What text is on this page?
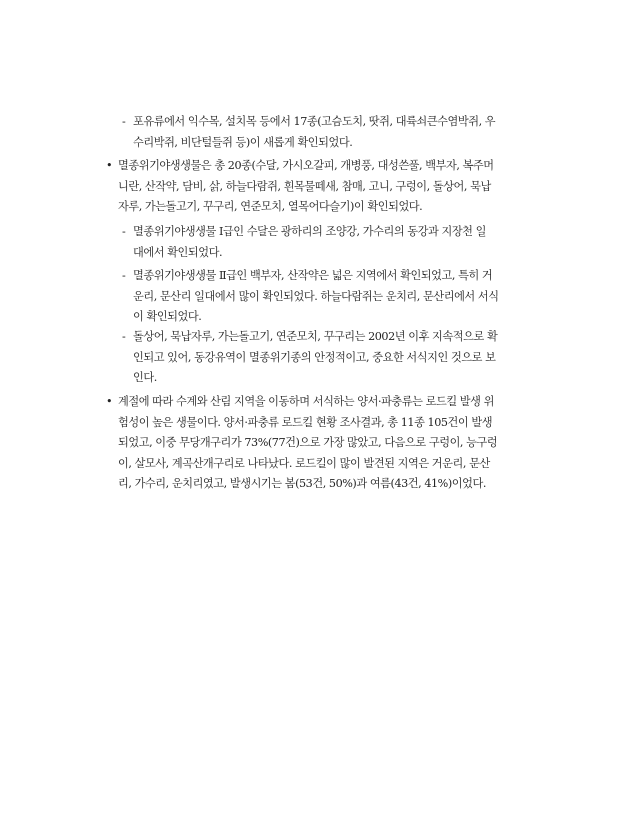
- 포유류에서 익수목, 설치목 등에서 17종(고슴도치, 땃쥐, 대륙쇠큰수염박쥐, 우
수리박쥐, 비단털들쥐 등)이 새롭게 확인되었다.
• 멸종위기야생생물은 총 20종(수달, 가시오갈피, 개병풍, 대성쓴풀, 백부자, 복주머
니란, 산작약, 담비, 삵, 하늘다람쥐, 흰목물떼새, 참매, 고니, 구렁이, 돌상어, 묵납
자루, 가는돌고기, 꾸구리, 연준모치, 열목어다슬기)이 확인되었다.
- 멸종위기야생생물 Ⅰ급인 수달은 광하리의 조양강, 가수리의 동강과 지장천 일
대에서 확인되었다.
- 멸종위기야생생물 Ⅱ급인 백부자, 산작약은 넓은 지역에서 확인되었고, 특히 거
운리, 문산리 일대에서 많이 확인되었다. 하늘다람쥐는 운치리, 문산리에서 서식
이 확인되었다.
- 돌상어, 묵납자루, 가는돌고기, 연준모치, 꾸구리는 2002년 이후 지속적으로 확
인되고 있어, 동강유역이 멸종위기종의 안정적이고, 중요한 서식지인 것으로 보
인다.
• 계절에 따라 수계와 산림 지역을 이동하며 서식하는 양서·파충류는 로드킬 발생 위
험성이 높은 생물이다. 양서·파충류 로드킬 현황 조사결과, 총 11종 105건이 발생
되었고, 이중 무당개구리가 73%(77건)으로 가장 많았고, 다음으로 구렁이, 능구렁
이, 살모사, 계곡산개구리로 나타났다. 로드킬이 많이 발견된 지역은 거운리, 문산
리, 가수리, 운치리였고, 발생시기는 봄(53건, 50%)과 여름(43건, 41%)이었다.
